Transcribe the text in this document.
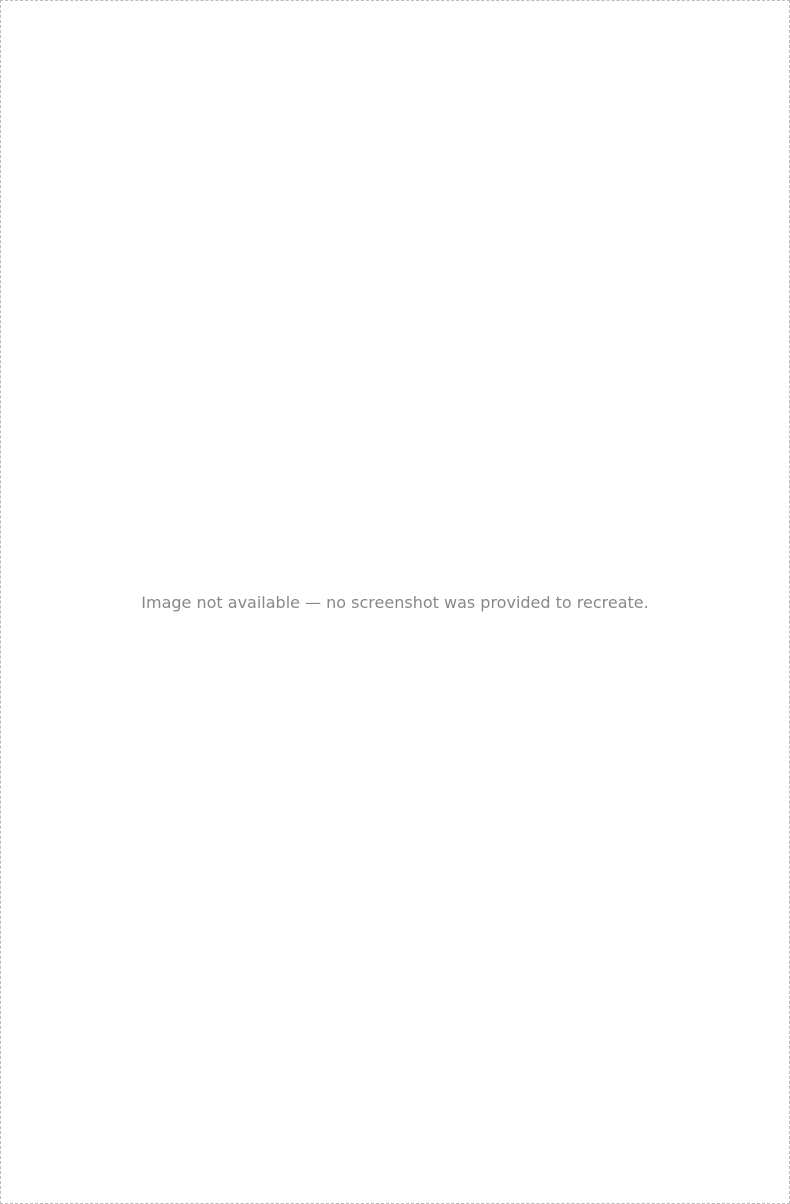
Image not available — no screenshot was provided to recreate.
